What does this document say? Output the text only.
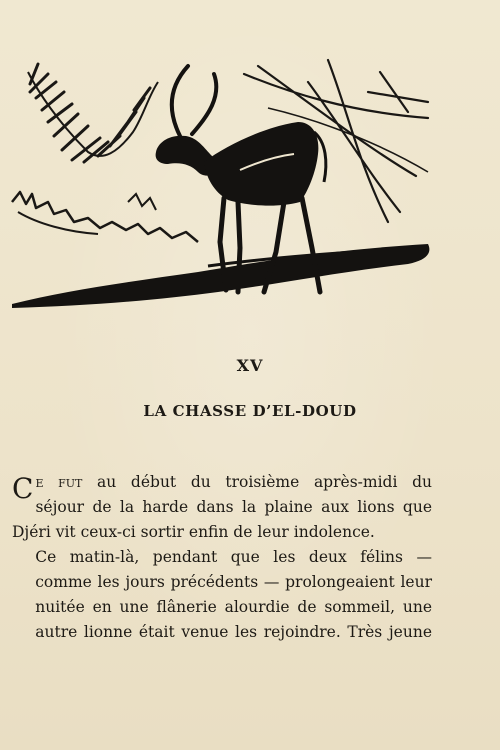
XV
LA CHASSE D’EL-DOUD

C e fut au début du troisième après-midi du
séjour de la harde dans la plaine aux lions que
Djéri vit ceux-ci sortir enfin de leur indolence.

Ce matin-là, pendant que les deux félins —
comme les jours précédents — prolongeaient leur
nuitée en une flânerie alourdie de sommeil, une
autre lionne était venue les rejoindre. Très jeune
